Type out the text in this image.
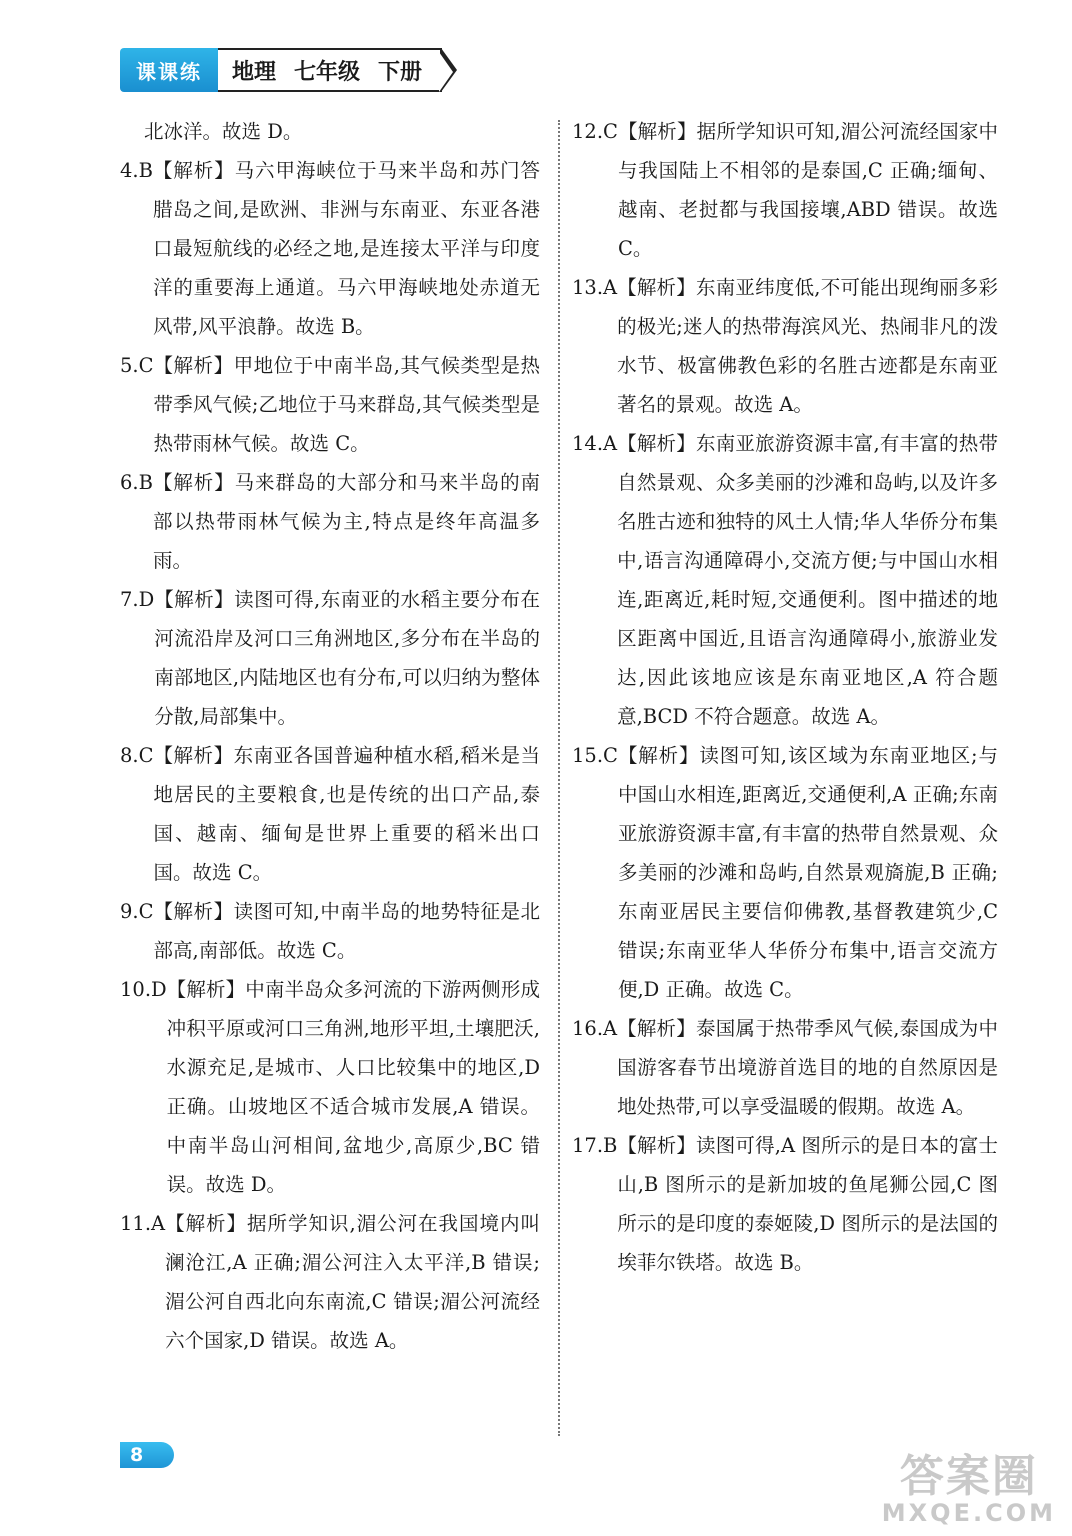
课课练	地理 七年级 下册
北冰洋。故选 D。
4.B 【解析】马六甲海峡位于马来半岛和苏门答腊岛之间,是欧洲、非洲与东南亚、东亚各港口最短航线的必经之地,是连接太平洋与印度洋的重要海上通道。马六甲海峡地处赤道无风带,风平浪静。故选 B。
5.C 【解析】甲地位于中南半岛,其气候类型是热带季风气候;乙地位于马来群岛,其气候类型是热带雨林气候。故选 C。
6.B 【解析】马来群岛的大部分和马来半岛的南部以热带雨林气候为主,特点是终年高温多雨。
7.D 【解析】读图可得,东南亚的水稻主要分布在河流沿岸及河口三角洲地区,多分布在半岛的南部地区,内陆地区也有分布,可以归纳为整体分散,局部集中。
8.C 【解析】东南亚各国普遍种植水稻,稻米是当地居民的主要粮食,也是传统的出口产品,泰国、越南、缅甸是世界上重要的稻米出口国。故选 C。
9.C 【解析】读图可知,中南半岛的地势特征是北部高,南部低。故选 C。
10.D 【解析】中南半岛众多河流的下游两侧形成冲积平原或河口三角洲,地形平坦,土壤肥沃,水源充足,是城市、人口比较集中的地区,D 正确。山坡地区不适合城市发展,A 错误。中南半岛山河相间,盆地少,高原少,BC 错误。故选 D。
11.A 【解析】据所学知识,湄公河在我国境内叫澜沧江,A 正确;湄公河注入太平洋,B 错误;湄公河自西北向东南流,C 错误;湄公河流经六个国家,D 错误。故选 A。
12.C 【解析】据所学知识可知,湄公河流经国家中与我国陆上不相邻的是泰国,C 正确;缅甸、越南、老挝都与我国接壤,ABD 错误。故选 C。
13.A 【解析】东南亚纬度低,不可能出现绚丽多彩的极光;迷人的热带海滨风光、热闹非凡的泼水节、极富佛教色彩的名胜古迹都是东南亚著名的景观。故选 A。
14.A 【解析】东南亚旅游资源丰富,有丰富的热带自然景观、众多美丽的沙滩和岛屿,以及许多名胜古迹和独特的风土人情;华人华侨分布集中,语言沟通障碍小,交流方便;与中国山水相连,距离近,耗时短,交通便利。图中描述的地区距离中国近,且语言沟通障碍小,旅游业发达,因此该地应该是东南亚地区,A 符合题意,BCD 不符合题意。故选 A。
15.C 【解析】读图可知,该区域为东南亚地区;与中国山水相连,距离近,交通便利,A 正确;东南亚旅游资源丰富,有丰富的热带自然景观、众多美丽的沙滩和岛屿,自然景观旖旎,B 正确;东南亚居民主要信仰佛教,基督教建筑少,C 错误;东南亚华人华侨分布集中,语言交流方便,D 正确。故选 C。
16.A 【解析】泰国属于热带季风气候,泰国成为中国游客春节出境游首选目的地的自然原因是地处热带,可以享受温暖的假期。故选 A。
17.B 【解析】读图可得,A 图所示的是日本的富士山,B 图所示的是新加坡的鱼尾狮公园,C 图所示的是印度的泰姬陵,D 图所示的是法国的埃菲尔铁塔。故选 B。
8	答案圈
MXQE.COM
